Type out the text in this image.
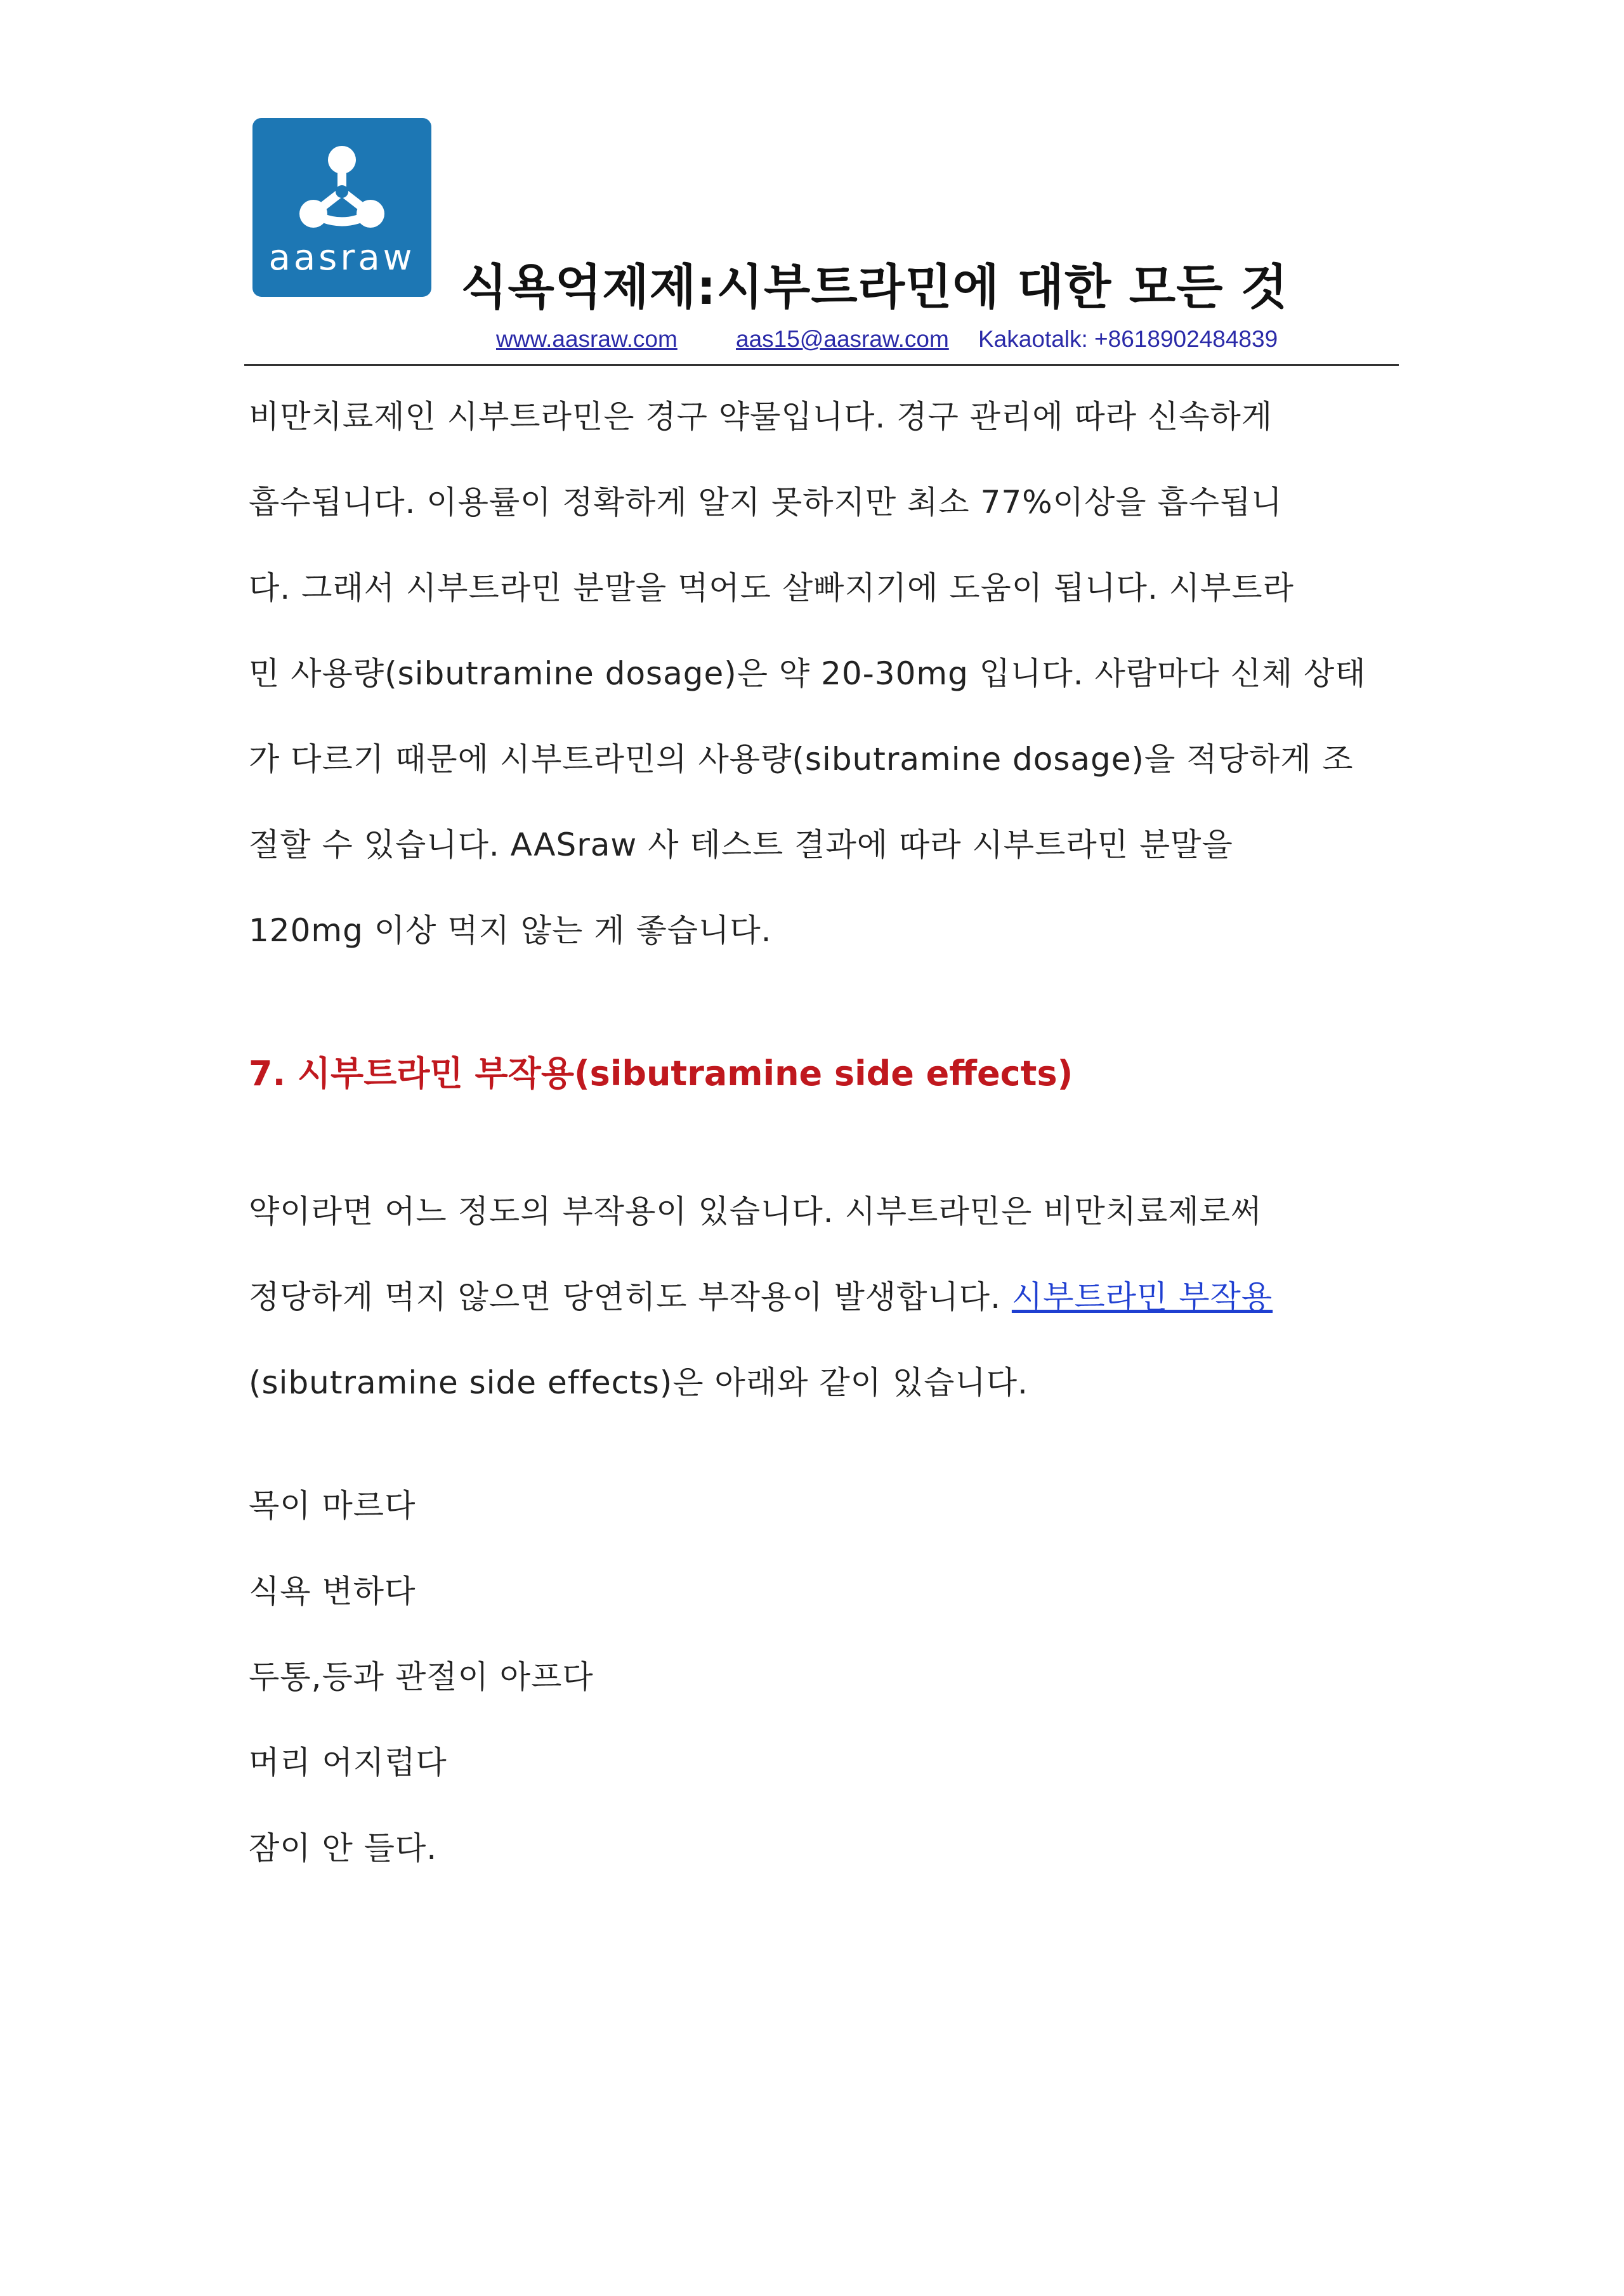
aasraw
식욕억제제:시부트라민에 대한 모든 것
www.aasraw.com aas15@aasraw.com Kakaotalk: +8618902484839
비만치료제인 시부트라민은 경구 약물입니다. 경구 관리에 따라 신속하게
흡수됩니다. 이용률이 정확하게 알지 못하지만 최소 77%이상을 흡수됩니
다. 그래서 시부트라민 분말을 먹어도 살빠지기에 도움이 됩니다. 시부트라
민 사용량(sibutramine dosage)은 약 20-30mg 입니다. 사람마다 신체 상태
가 다르기 때문에 시부트라민의 사용량(sibutramine dosage)을 적당하게 조
절할 수 있습니다. AASraw 사 테스트 결과에 따라 시부트라민 분말을
120mg 이상 먹지 않는 게 좋습니다.
7. 시부트라민 부작용(sibutramine side effects)
약이라면 어느 정도의 부작용이 있습니다. 시부트라민은 비만치료제로써
정당하게 먹지 않으면 당연히도 부작용이 발생합니다. 시부트라민 부작용
(sibutramine side effects)은 아래와 같이 있습니다.
목이 마르다
식욕 변하다
두통,등과 관절이 아프다
머리 어지럽다
잠이 안 들다.
